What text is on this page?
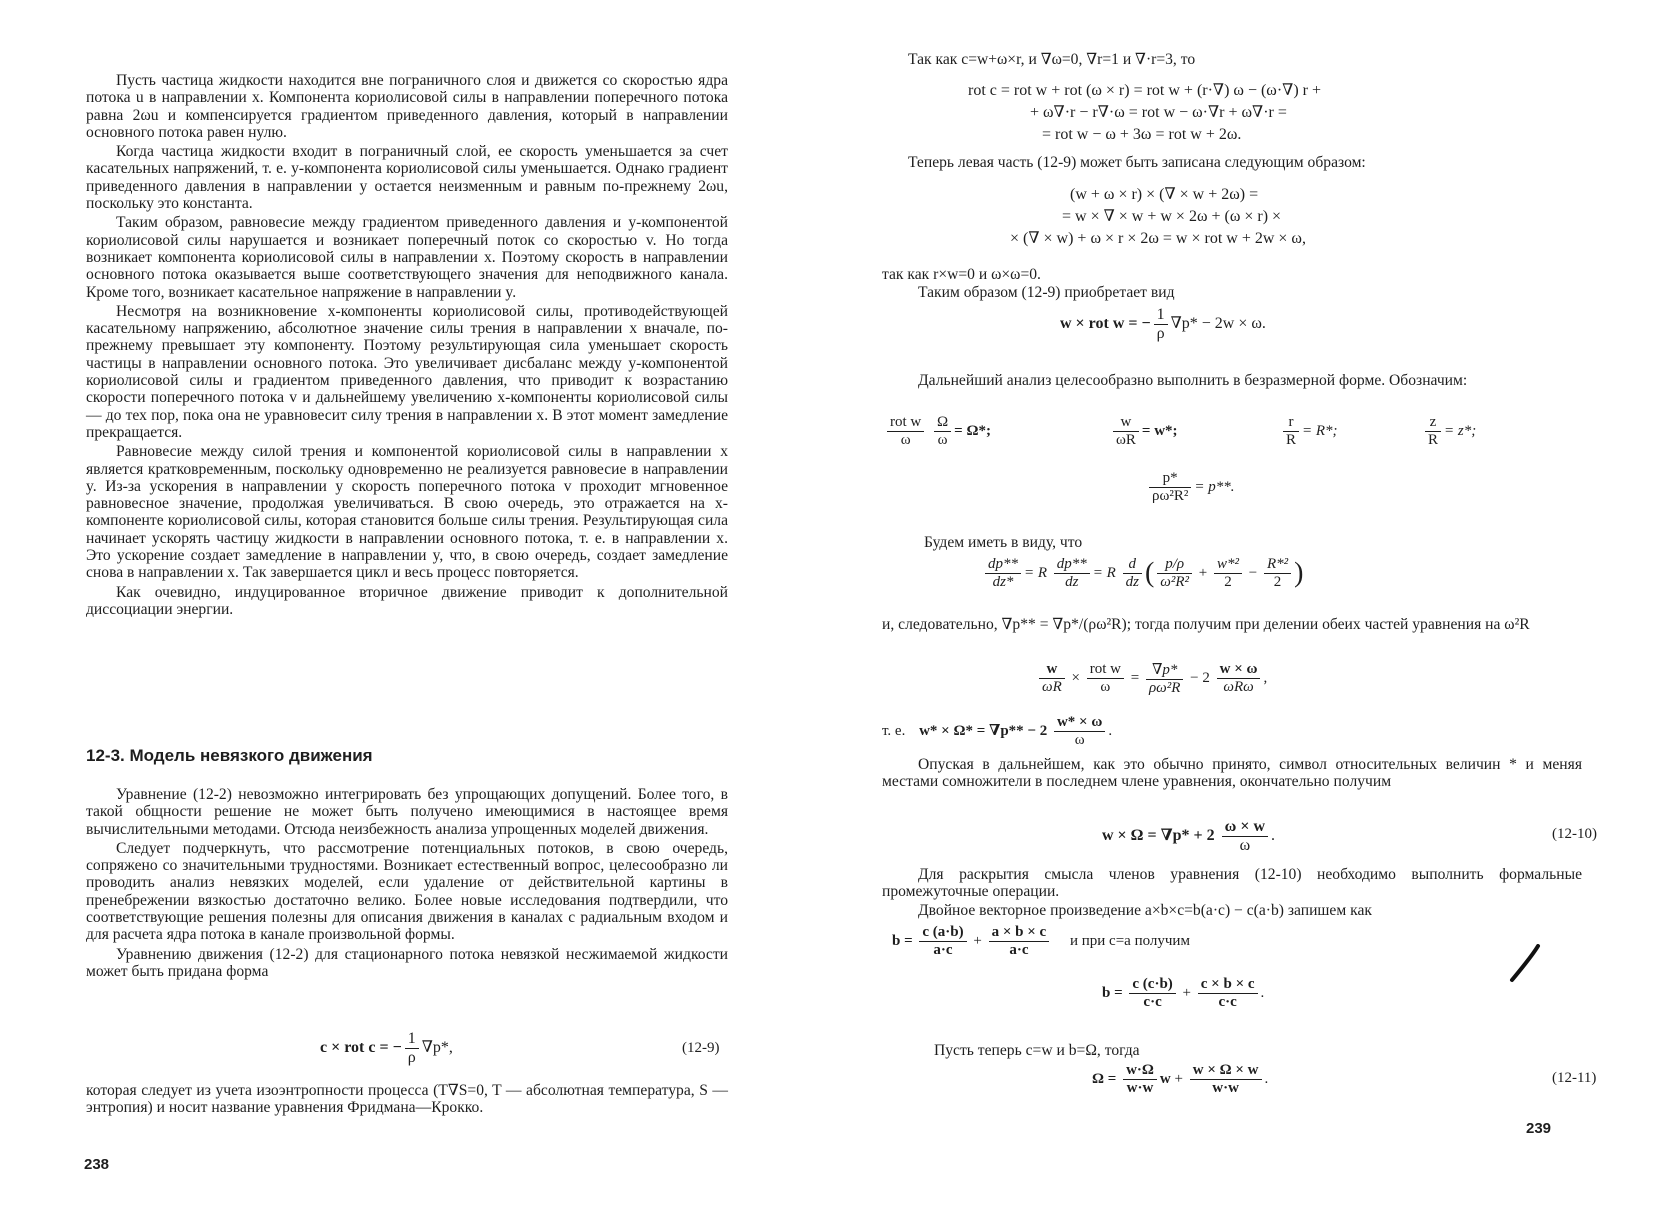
Пусть частица жидкости находится вне пограничного слоя и движется со скоростью ядра потока u в направлении x. Компонента кориолисовой силы в направлении поперечного потока равна 2ωu и компенсируется градиентом приведенного давления, который в направлении основного потока равен нулю.

Когда частица жидкости входит в пограничный слой, ее скорость уменьшается за счет касательных напряжений, т. е. y-компонента кориолисовой силы уменьшается. Однако градиент приведенного давления в направлении y остается неизменным и равным по-прежнему 2ωu, поскольку это константа.

Таким образом, равновесие между градиентом приведенного давления и y-компонентой кориолисовой силы нарушается и возникает поперечный поток со скоростью v. Но тогда возникает компонента кориолисовой силы в направлении x. Поэтому скорость в направлении основного потока оказывается выше соответствующего значения для неподвижного канала. Кроме того, возникает касательное напряжение в направлении y.

Несмотря на возникновение x-компоненты кориолисовой силы, противодействующей касательному напряжению, абсолютное значение силы трения в направлении x вначале, по-прежнему превышает эту компоненту. Поэтому результирующая сила уменьшает скорость частицы в направлении основного потока. Это увеличивает дисбаланс между y-компонентой кориолисовой силы и градиентом приведенного давления, что приводит к возрастанию скорости поперечного потока v и дальнейшему увеличению x-компоненты кориолисовой силы — до тех пор, пока она не уравновесит силу трения в направлении x. В этот момент замедление прекращается.

Равновесие между силой трения и компонентой кориолисовой силы в направлении x является кратковременным, поскольку одновременно не реализуется равновесие в направлении y. Из-за ускорения в направлении y скорость поперечного потока v проходит мгновенное равновесное значение, продолжая увеличиваться. В свою очередь, это отражается на x-компоненте кориолисовой силы, которая становится больше силы трения. Результирующая сила начинает ускорять частицу жидкости в направлении основного потока, т. е. в направлении x. Это ускорение создает замедление в направлении y, что, в свою очередь, создает замедление снова в направлении x. Так завершается цикл и весь процесс повторяется.

Как очевидно, индуцированное вторичное движение приводит к дополнительной диссоциации энергии.

12-3. Модель невязкого движения

Уравнение (12-2) невозможно интегрировать без упрощающих допущений. Более того, в такой общности решение не может быть получено имеющимися в настоящее время вычислительными методами. Отсюда неизбежность анализа упрощенных моделей движения.

Следует подчеркнуть, что рассмотрение потенциальных потоков, в свою очередь, сопряжено со значительными трудностями. Возникает естественный вопрос, целесообразно ли проводить анализ невязких моделей, если удаление от действительной картины в пренебрежении вязкостью достаточно велико. Более новые исследования подтвердили, что соответствующие решения полезны для описания движения в каналах с радиальным входом и для расчета ядра потока в канале произвольной формы.

Уравнению движения (12-2) для стационарного потока невязкой несжимаемой жидкости может быть придана форма

c × rot c = − $\frac{1}{\rho} \nabla p*$,	(12-9)

которая следует из учета изоэнтропности процесса (T∇S=0, T — абсолютная температура, S — энтропия) и носит название уравнения Фридмана—Крокко.

238
Так как c=w+ω×r, и ∇ω=0, ∇r=1 и ∇·r=3, то
rot c = rot w + rot (ω × r) = rot w + (r·∇) ω − (ω·∇) r +
+ ω∇·r − r∇·ω = rot w − ω·∇r + ω∇·r =
= rot w − ω + 3ω = rot w + 2ω.
Теперь левая часть (12-9) может быть записана следующим образом:
(w + ω × r) × (∇ × w + 2ω) =
= w × ∇ × w + w × 2ω + (ω × r) ×
× (∇ × w) + ω × r × 2ω = w × rot w + 2w × ω,
так как r×w=0 и ω×ω=0.
Таким образом (12-9) приобретает вид
w × rot w = − $\frac{1}{\rho} \nabla p* - 2w \times \omega$.
Дальнейший анализ целесообразно выполнить в безразмерной форме. Обозначим:
$\frac{\text{rot w}}{\omega}$
$\frac{\Omega}{\omega} = \Omega*$;	$\frac{w}{\omega R} = w*$;	$\frac{r}{R} = R*$;	$\frac{z}{R} = z*$;
$\frac{p*}{\text{ρω²R²}} = p**$.
Будем иметь в виду, что
$\frac{dp**}{dz*} = R \frac{dp**}{dz} = R \frac{d}{dz}$ ( $\frac{p/\rho}{\text{ω²R²}} + \frac{\text{w*²}}{2} - \frac{\text{R*²}}{2}$ )
и, следовательно, ∇p** = ∇p*/(ρω²R); тогда получим при делении обеих частей уравнения на ω²R
$\frac{w}{\omega R} \times \frac{\text{rot w}}{\omega} = \frac{\nabla p*}{\text{ρω²R}} - 2 \frac{w \times \omega}{\text{ωRω}}$ ,
т. е. $w* \times \Omega* = \nabla p** - 2 \frac{w* \times \omega}{\omega}$ .
Опуская в дальнейшем, как это обычно принято, символ относительных величин * и меняя местами сомножители в последнем члене уравнения, окончательно получим
$w \times \Omega = \nabla p* + 2 \frac{\omega \times w}{\omega}$ .	(12-10)
Для раскрытия смысла членов уравнения (12-10) необходимо выполнить формальные промежуточные операции.
Двойное векторное произведение a×b×c=b(a·c) − c(a·b) запишем как
$b = \frac{c (a\cdot b)}{a\cdot c} + \frac{a \times b \times c}{a\cdot c}$ и при c=a получим
$b = \frac{c (c\cdot b)}{c\cdot c} + \frac{c \times b \times c}{c\cdot c}$ .
Пусть теперь c=w и b=Ω, тогда
$\Omega = \frac{w\cdot\Omega}{w\cdot w}$ $w + \frac{w \times \Omega \times w}{w\cdot w}$ .	(12-11)
239
